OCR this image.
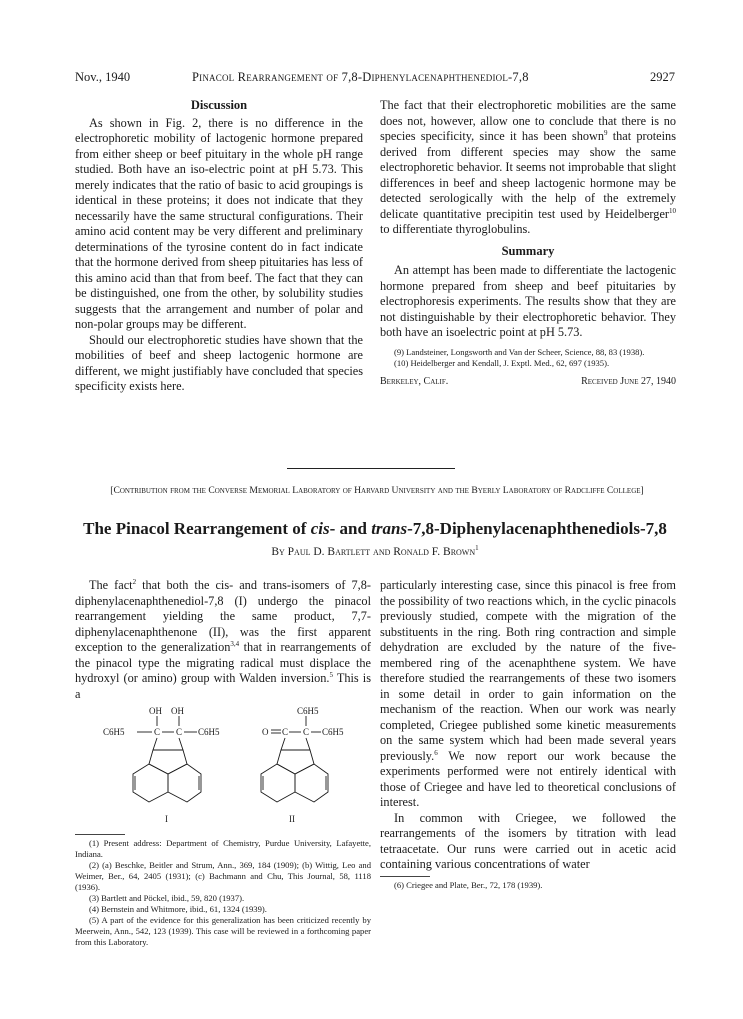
Nov., 1940	Pinacol Rearrangement of 7,8-Diphenylacenaphthenediol-7,8	2927
Discussion

As shown in Fig. 2, there is no difference in the electrophoretic mobility of lactogenic hormone prepared from either sheep or beef pituitary in the whole pH range studied. Both have an iso-electric point at pH 5.73. This merely indicates that the ratio of basic to acid groupings is identical in these proteins; it does not indicate that they necessarily have the same structural configurations. Their amino acid content may be very different and preliminary determinations of the tyrosine content do in fact indicate that the hormone derived from sheep pituitaries has less of this amino acid than that from beef. The fact that they can be distinguished, one from the other, by solubility studies suggests that the arrangement and number of polar and non-polar groups may be different.

Should our electrophoretic studies have shown that the mobilities of beef and sheep lactogenic hormone are different, we might justifiably have concluded that species specificity exists here.

The fact that their electrophoretic mobilities are the same does not, however, allow one to conclude that there is no species specificity, since it has been shown$^9$ that proteins derived from different species may show the same electrophoretic behavior. It seems not improbable that slight differences in beef and sheep lactogenic hormone may be detected serologically with the help of the extremely delicate quantitative precipitin test used by Heidelberger$^{10}$ to differentiate thyroglobulins.

Summary

An attempt has been made to differentiate the lactogenic hormone prepared from sheep and beef pituitaries by electrophoresis experiments. The results show that they are not distinguishable by their electrophoretic behavior. They both have an isoelectric point at pH 5.73.

(9) Landsteiner, Longsworth and Van der Scheer, Science, 88, 83 (1938).

(10) Heidelberger and Kendall, J. Exptl. Med., 62, 697 (1935).

Berkeley, Calif.	Received June 27, 1940
[Contribution from the Converse Memorial Laboratory of Harvard University and the Byerly Laboratory of Radcliffe College]
The Pinacol Rearrangement of cis- and trans-7,8-Diphenylacenaphthenediols-7,8
By Paul D. Bartlett and Ronald F. Brown$^1$

The fact$^2$ that both the cis- and trans-isomers of 7,8-diphenylacenaphthenediol-7,8 (I) undergo the pinacol rearrangement yielding the same product, 7,7-diphenylacenaphthenone (II), was the first apparent exception to the generalization$^{3,4}$ that in rearrangements of the pinacol type the migrating radical must displace the hydroxyl (or amino) group with Walden inversion.$^5$ This is a

OH OH
C6H5	C C C6H5
I
C6H5
O C C C6H5
II

(1) Present address: Department of Chemistry, Purdue University, Lafayette, Indiana.

(2) (a) Beschke, Beitler and Strum, Ann., 369, 184 (1909); (b) Wittig, Leo and Weimer, Ber., 64, 2405 (1931); (c) Bachmann and Chu, This Journal, 58, 1118 (1936).

(3) Bartlett and Pöckel, ibid., 59, 820 (1937).

(4) Bernstein and Whitmore, ibid., 61, 1324 (1939).

(5) A part of the evidence for this generalization has been criticized recently by Meerwein, Ann., 542, 123 (1939). This case will be reviewed in a forthcoming paper from this Laboratory.

particularly interesting case, since this pinacol is free from the possibility of two reactions which, in the cyclic pinacols previously studied, compete with the migration of the substituents in the ring. Both ring contraction and simple dehydration are excluded by the nature of the five-membered ring of the acenaphthene system. We have therefore studied the rearrangements of these two isomers in some detail in order to gain information on the mechanism of the reaction. When our work was nearly completed, Criegee published some kinetic measurements on the same system which had been made several years previously.$^6$ We now report our work because the experiments performed were not entirely identical with those of Criegee and have led to theoretical conclusions of interest.

In common with Criegee, we followed the rearrangements of the isomers by titration with lead tetraacetate. Our runs were carried out in acetic acid containing various concentrations of water

(6) Criegee and Plate, Ber., 72, 178 (1939).
